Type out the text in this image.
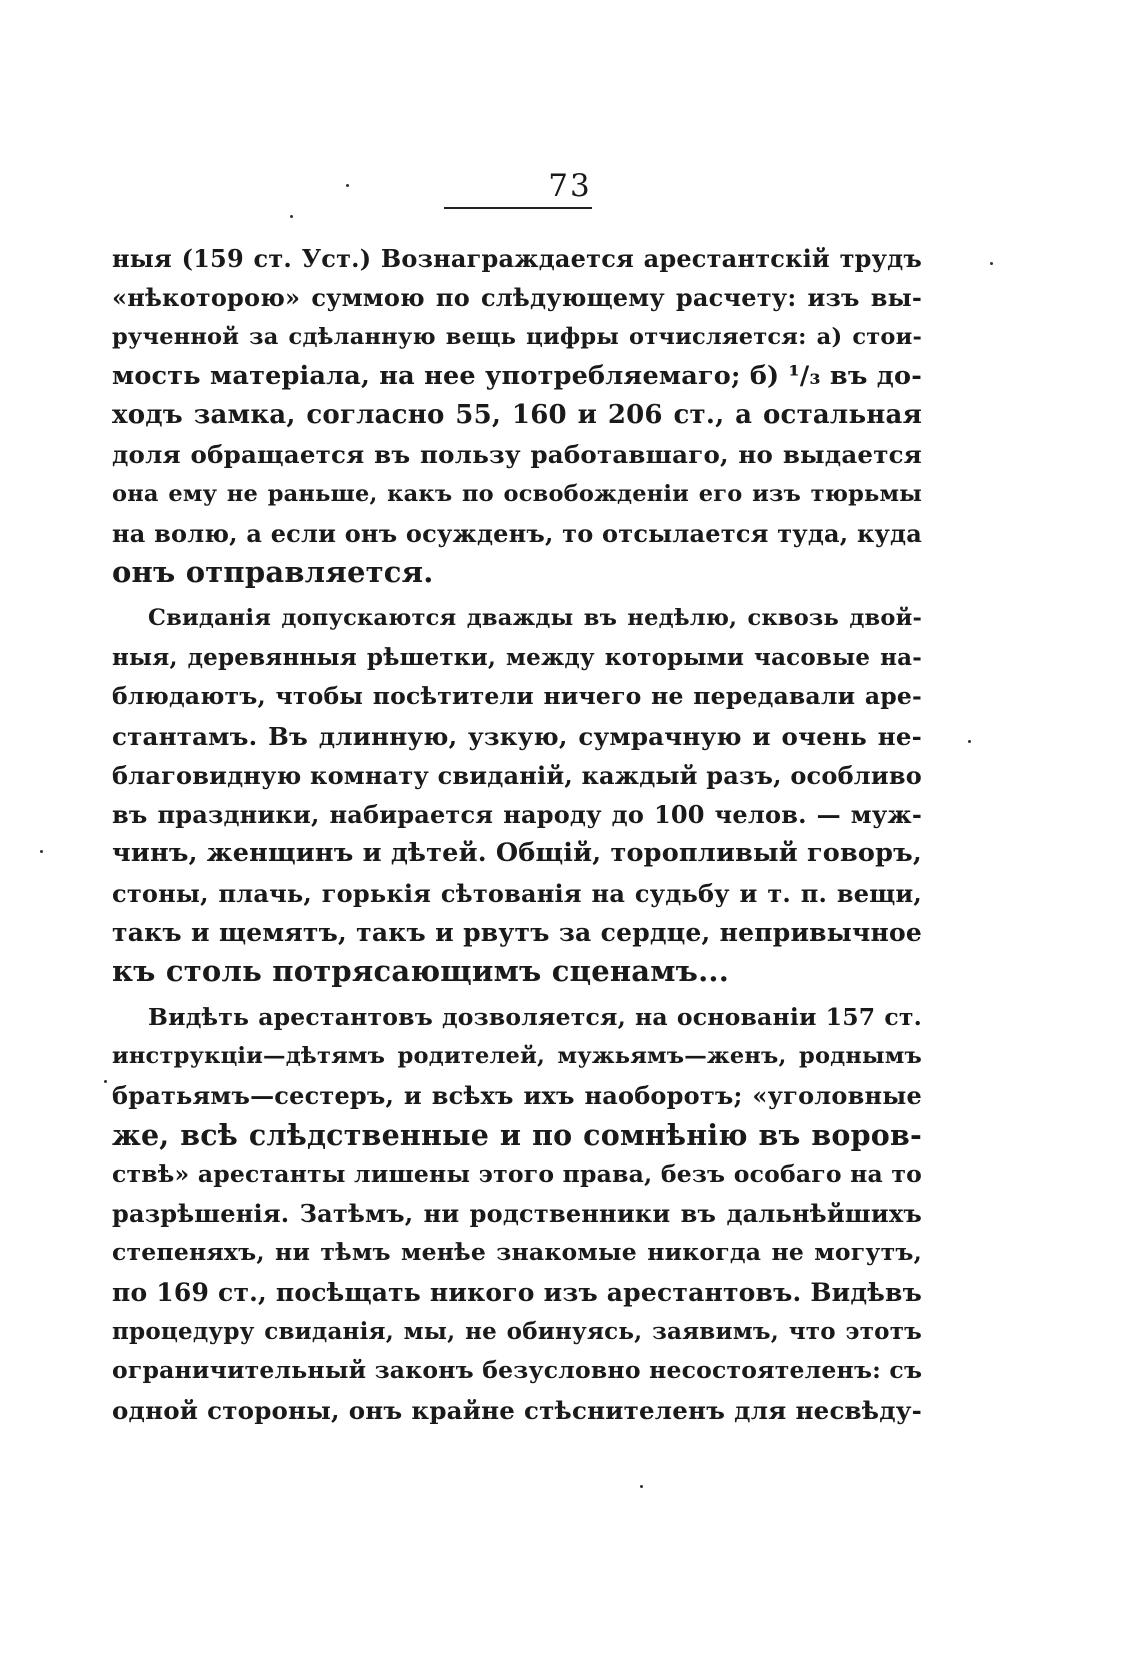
73
ныя (159 ст. Уст.) Вознаграждается арестантскій трудъ
«нѣкоторою» суммою по слѣдующему расчету: изъ вы-
рученной за сдѣланную вещь цифры отчисляется: а) стои-
мость матеріала, на нее употребляемаго; б) ¹/₃ въ до-
ходъ замка, согласно 55, 160 и 206 ст., а остальная
доля обращается въ пользу работавшаго, но выдается
она ему не раньше, какъ по освобожденіи его изъ тюрьмы
на волю, а если онъ осужденъ, то отсылается туда, куда
онъ отправляется.
Свиданія допускаются дважды въ недѣлю, сквозь двой-
ныя, деревянныя рѣшетки, между которыми часовые на-
блюдаютъ, чтобы посѣтители ничего не передавали аре-
стантамъ. Въ длинную, узкую, сумрачную и очень не-
благовидную комнату свиданій, каждый разъ, особливо
въ праздники, набирается народу до 100 челов. — муж-
чинъ, женщинъ и дѣтей. Общій, торопливый говоръ,
стоны, плачь, горькія сѣтованія на судьбу и т. п. вещи,
такъ и щемятъ, такъ и рвутъ за сердце, непривычное
къ столь потрясающимъ сценамъ...
Видѣть арестантовъ дозволяется, на основаніи 157 ст.
инструкціи—дѣтямъ родителей, мужьямъ—женъ, роднымъ
братьямъ—сестеръ, и всѣхъ ихъ наоборотъ; «уголовные
же, всѣ слѣдственные и по сомнѣнію въ воров-
ствѣ» арестанты лишены этого права, безъ особаго на то
разрѣшенія. Затѣмъ, ни родственники въ дальнѣйшихъ
степеняхъ, ни тѣмъ менѣе знакомые никогда не могутъ,
по 169 ст., посѣщать никого изъ арестантовъ. Видѣвъ
процедуру свиданія, мы, не обинуясь, заявимъ, что этотъ
ограничительный законъ безусловно несостоятеленъ: съ
одной стороны, онъ крайне стѣснителенъ для несвѣду-
